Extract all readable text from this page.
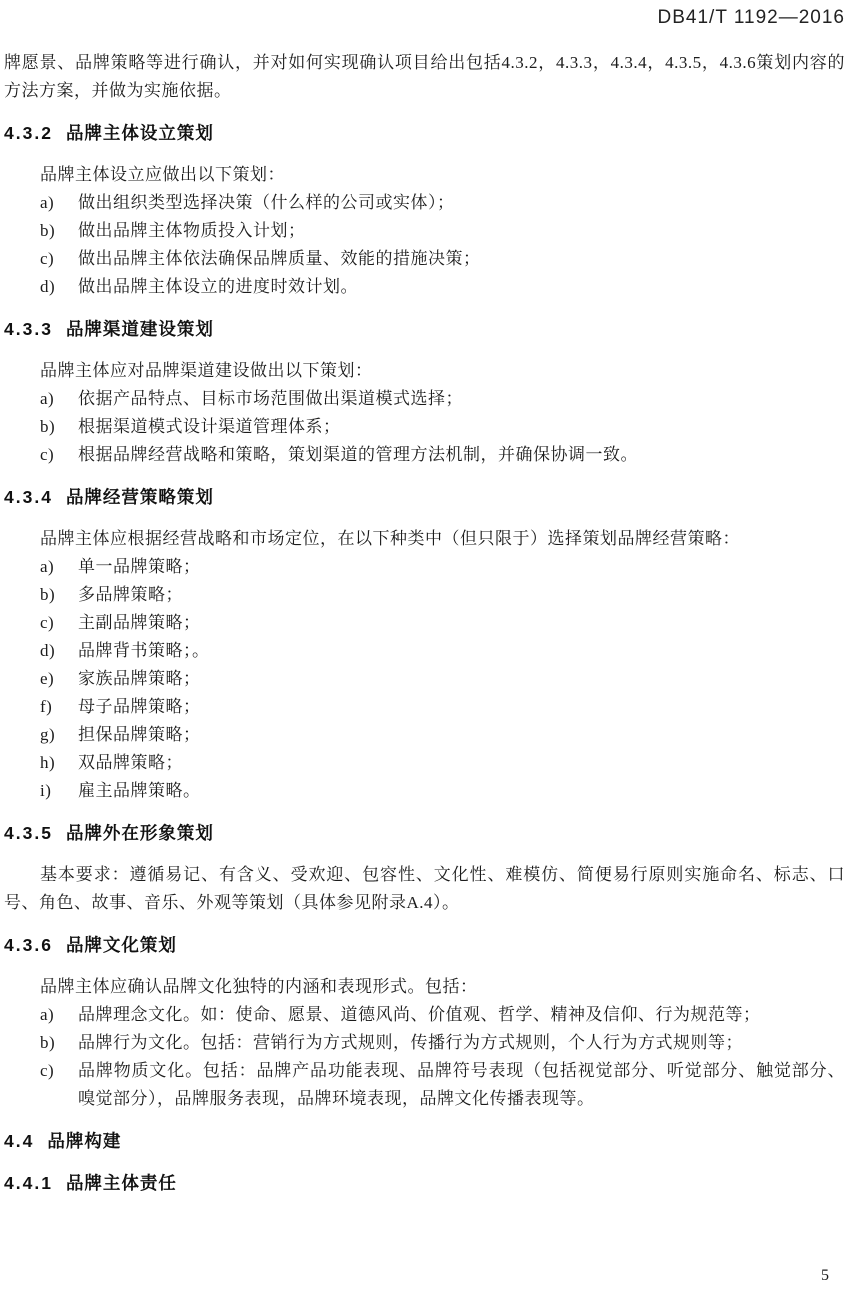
DB41/T 1192—2016

牌愿景、品牌策略等进行确认，并对如何实现确认项目给出包括4.3.2，4.3.3，4.3.4，4.3.5，4.3.6策划内容的方法方案，并做为实施依据。

4.3.2 品牌主体设立策划

品牌主体设立应做出以下策划：

a) 做出组织类型选择决策（什么样的公司或实体）；
b) 做出品牌主体物质投入计划；
c) 做出品牌主体依法确保品牌质量、效能的措施决策；
d) 做出品牌主体设立的进度时效计划。
4.3.3 品牌渠道建设策划

品牌主体应对品牌渠道建设做出以下策划：

a) 依据产品特点、目标市场范围做出渠道模式选择；
b) 根据渠道模式设计渠道管理体系；
c) 根据品牌经营战略和策略，策划渠道的管理方法机制，并确保协调一致。
4.3.4 品牌经营策略策划

品牌主体应根据经营战略和市场定位，在以下种类中（但只限于）选择策划品牌经营策略：

a) 单一品牌策略；
b) 多品牌策略；
c) 主副品牌策略；
d) 品牌背书策略；。
e) 家族品牌策略；
f) 母子品牌策略；
g) 担保品牌策略；
h) 双品牌策略；
i) 雇主品牌策略。
4.3.5 品牌外在形象策划

基本要求：遵循易记、有含义、受欢迎、包容性、文化性、难模仿、简便易行原则实施命名、标志、口号、角色、故事、音乐、外观等策划（具体参见附录A.4）。

4.3.6 品牌文化策划

品牌主体应确认品牌文化独特的内涵和表现形式。包括：

a) 品牌理念文化。如：使命、愿景、道德风尚、价值观、哲学、精神及信仰、行为规范等；
b) 品牌行为文化。包括：营销行为方式规则，传播行为方式规则，个人行为方式规则等；
c) 品牌物质文化。包括：品牌产品功能表现、品牌符号表现（包括视觉部分、听觉部分、触觉部分、嗅觉部分），品牌服务表现，品牌环境表现，品牌文化传播表现等。
4.4 品牌构建
4.4.1 品牌主体责任
5
